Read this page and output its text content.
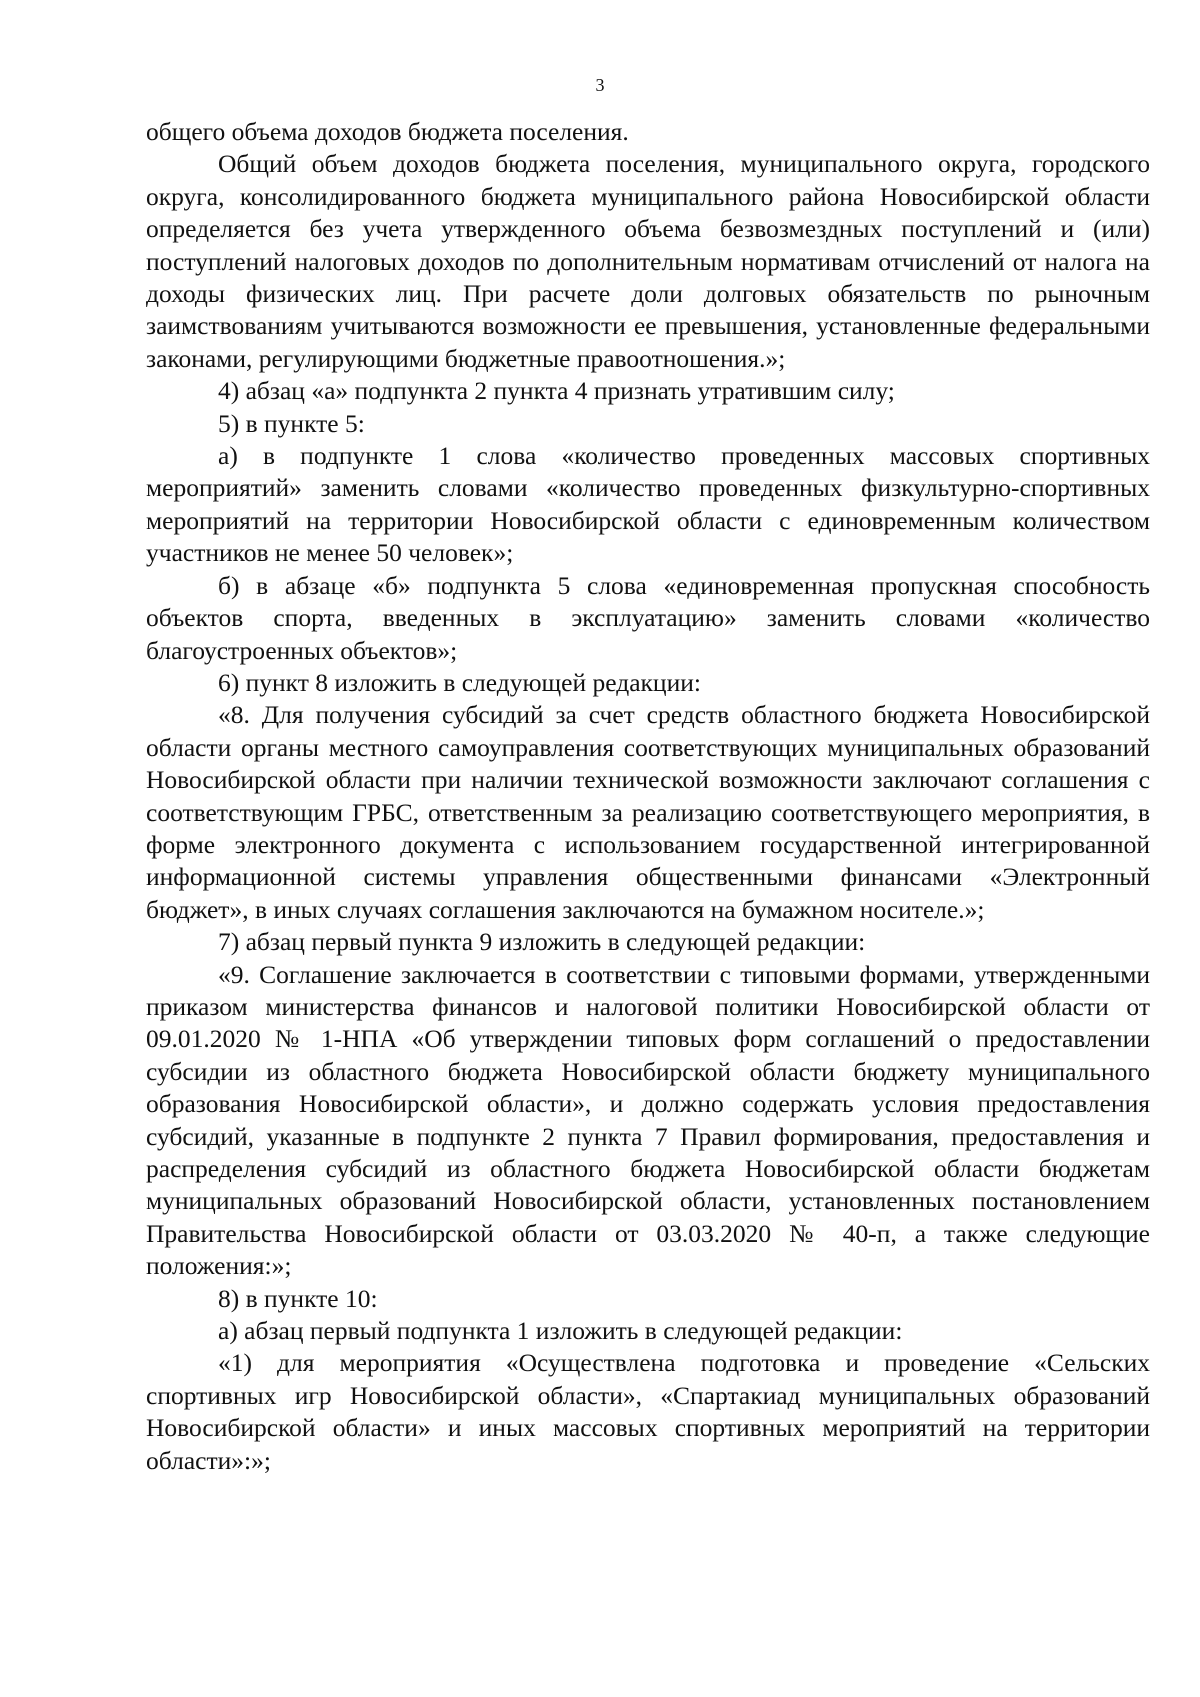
3

общего объема доходов бюджета поселения.

Общий объем доходов бюджета поселения, муниципального округа, городского округа, консолидированного бюджета муниципального района Новосибирской области определяется без учета утвержденного объема безвозмездных поступлений и (или) поступлений налоговых доходов по дополнительным нормативам отчислений от налога на доходы физических лиц. При расчете доли долговых обязательств по рыночным заимствованиям учитываются возможности ее превышения, установленные федеральными законами, регулирующими бюджетные правоотношения.»;

4) абзац «а» подпункта 2 пункта 4 признать утратившим силу;

5) в пункте 5:

а) в подпункте 1 слова «количество проведенных массовых спортивных мероприятий» заменить словами «количество проведенных физкультурно-спортивных мероприятий на территории Новосибирской области с единовременным количеством участников не менее 50 человек»;

б) в абзаце «б» подпункта 5 слова «единовременная пропускная способность объектов спорта, введенных в эксплуатацию» заменить словами «количество благоустроенных объектов»;

6) пункт 8 изложить в следующей редакции:

«8. Для получения субсидий за счет средств областного бюджета Новосибирской области органы местного самоуправления соответствующих муниципальных образований Новосибирской области при наличии технической возможности заключают соглашения с соответствующим ГРБС, ответственным за реализацию соответствующего мероприятия, в форме электронного документа с использованием государственной интегрированной информационной системы управления общественными финансами «Электронный бюджет», в иных случаях соглашения заключаются на бумажном носителе.»;

7) абзац первый пункта 9 изложить в следующей редакции:

«9. Соглашение заключается в соответствии с типовыми формами, утвержденными приказом министерства финансов и налоговой политики Новосибирской области от 09.01.2020 № 1-НПА «Об утверждении типовых форм соглашений о предоставлении субсидии из областного бюджета Новосибирской области бюджету муниципального образования Новосибирской области», и должно содержать условия предоставления субсидий, указанные в подпункте 2 пункта 7 Правил формирования, предоставления и распределения субсидий из областного бюджета Новосибирской области бюджетам муниципальных образований Новосибирской области, установленных постановлением Правительства Новосибирской области от 03.03.2020 № 40-п, а также следующие положения:»;

8) в пункте 10:

а) абзац первый подпункта 1 изложить в следующей редакции:

«1) для мероприятия «Осуществлена подготовка и проведение «Сельских спортивных игр Новосибирской области», «Спартакиад муниципальных образований Новосибирской области» и иных массовых спортивных мероприятий на территории области»:»;
